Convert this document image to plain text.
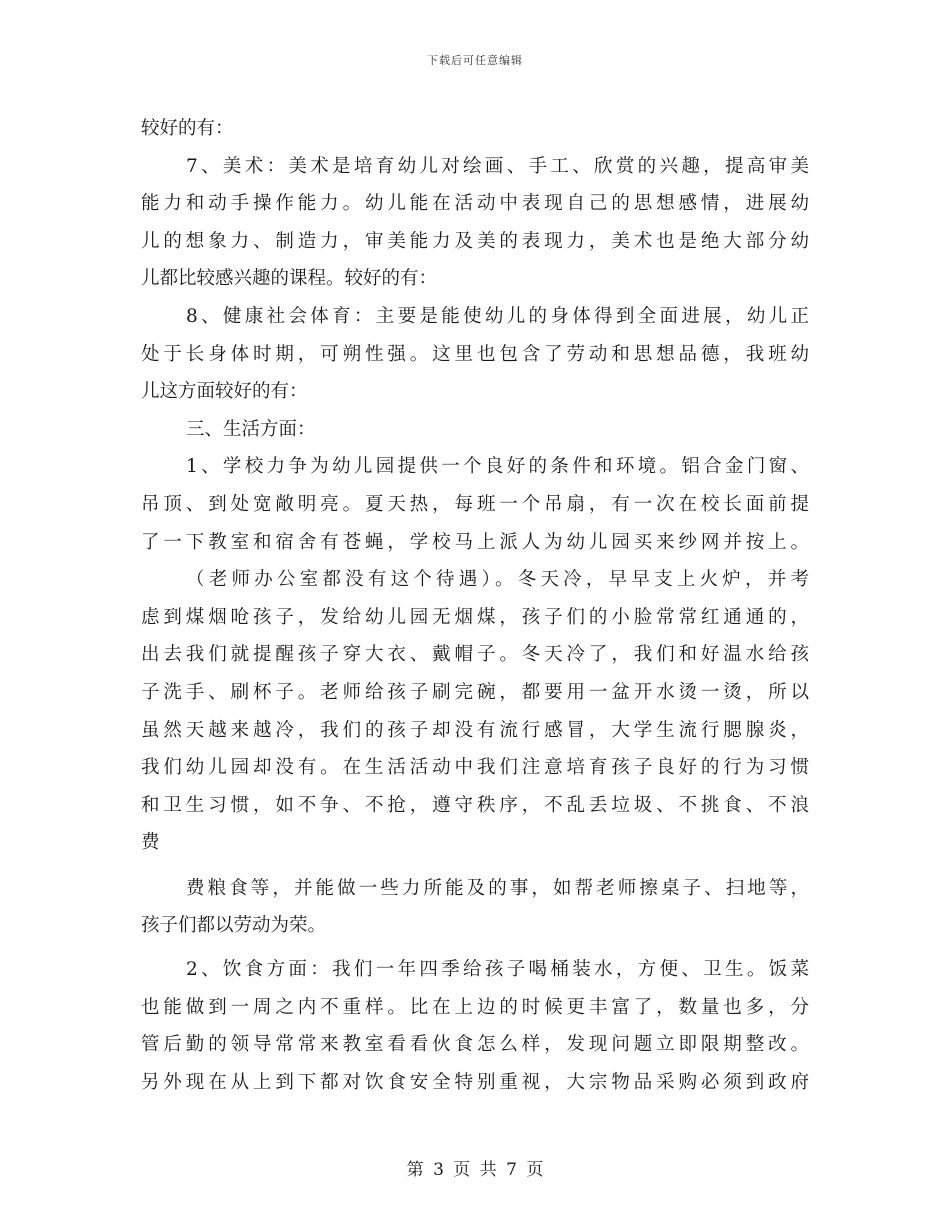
下载后可任意编辑
较好的有：
7、美术：美术是培育幼儿对绘画、手工、欣赏的兴趣，提高审美
能力和动手操作能力。幼儿能在活动中表现自己的思想感情，进展幼
儿的想象力、制造力，审美能力及美的表现力，美术也是绝大部分幼
儿都比较感兴趣的课程。较好的有：
8、健康社会体育：主要是能使幼儿的身体得到全面进展，幼儿正
处于长身体时期，可朔性强。这里也包含了劳动和思想品德，我班幼
儿这方面较好的有：
三、生活方面：
1、学校力争为幼儿园提供一个良好的条件和环境。铝合金门窗、
吊顶、到处宽敞明亮。夏天热，每班一个吊扇，有一次在校长面前提
了一下教室和宿舍有苍蝇，学校马上派人为幼儿园买来纱网并按上。
（老师办公室都没有这个待遇）。冬天冷，早早支上火炉，并考
虑到煤烟呛孩子，发给幼儿园无烟煤，孩子们的小脸常常红通通的，
出去我们就提醒孩子穿大衣、戴帽子。冬天冷了，我们和好温水给孩
子洗手、刷杯子。老师给孩子刷完碗，都要用一盆开水烫一烫，所以
虽然天越来越冷，我们的孩子却没有流行感冒，大学生流行腮腺炎，
我们幼儿园却没有。在生活活动中我们注意培育孩子良好的行为习惯
和卫生习惯，如不争、不抢，遵守秩序，不乱丢垃圾、不挑食、不浪
费
费粮食等，并能做一些力所能及的事，如帮老师擦桌子、扫地等，
孩子们都以劳动为荣。
2、饮食方面：我们一年四季给孩子喝桶装水，方便、卫生。饭菜
也能做到一周之内不重样。比在上边的时候更丰富了，数量也多，分
管后勤的领导常常来教室看看伙食怎么样，发现问题立即限期整改。
另外现在从上到下都对饮食安全特别重视，大宗物品采购必须到政府
第 3 页 共 7 页
